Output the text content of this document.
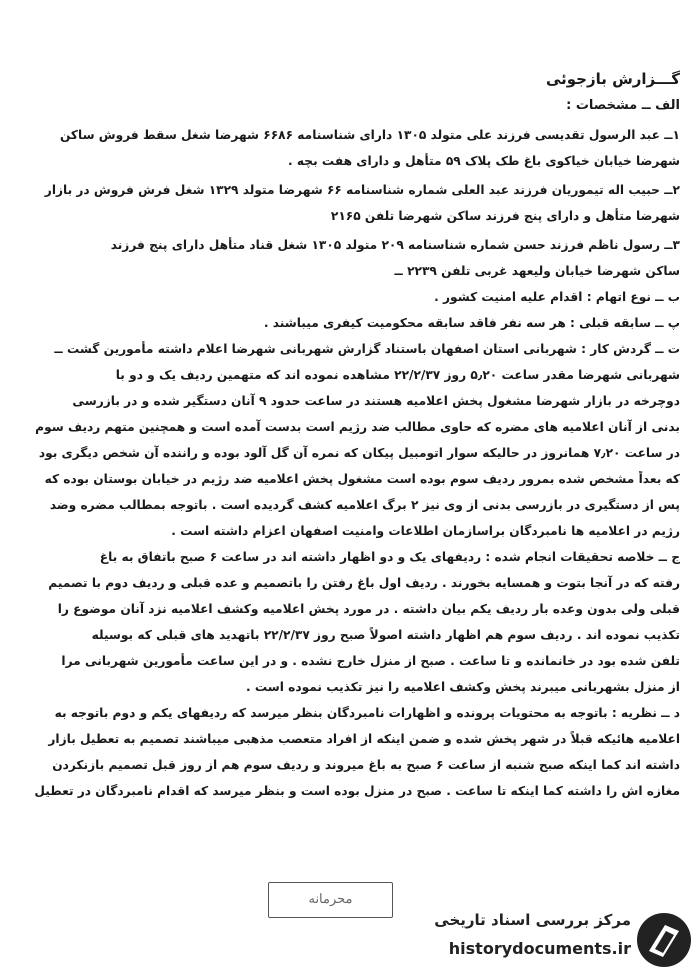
گـــزارش بازجوئی
الف ــ مشخصات :
۱ــ عبد الرسول تقدیسی فرزند علی متولد ۱۳۰۵ دارای شناسنامه ۶۶۸۶ شهرضا شغل سقط فروش ساکن
شهرضا خیابان خیاکوی باغ طک پلاک ۵۹ متأهل و دارای هفت بچه .
۲ــ حبیب اله تیموریان فرزند عبد العلی شماره شناسنامه ۶۶ شهرضا متولد ۱۳۲۹ شغل فرش فروش در بازار
شهرضا متأهل و دارای پنج فرزند ساکن شهرضا تلفن ۲۱۶۵
۳ــ رسول ناظم فرزند حسن شماره شناسنامه ۲۰۹ متولد ۱۳۰۵ شغل قناد متأهل دارای پنج فرزند
ساکن شهرضا خیابان ولیعهد غربی تلفن ۲۲۳۹ ــ
ب ــ نوع اتهام : اقدام علیه امنیت کشور .
پ ــ سابقه قبلی : هر سه نفر فاقد سابقه محکومیت کیفری میباشند .
ت ــ گردش کار : شهربانی استان اصفهان باستناد گزارش شهربانی شهرضا اعلام داشته مأمورین گشت ــ
شهربانی شهرضا مقدر ساعت ۵٫۲۰ روز ۲۲/۲/۳۷ مشاهده نموده اند که متهمین ردیف یک و دو با
دوچرخه در بازار شهرضا مشغول پخش اعلامیه هستند در ساعت حدود ۹ آنان دستگیر شده و در بازرسی
بدنی از آنان اعلامیه های مضره که حاوی مطالب ضد رژیم است بدست آمده است و همچنین متهم ردیف سوم
در ساعت ۷٫۲۰ همانروز در حالیکه سوار اتومبیل پیکان که نمره آن گل آلود بوده و راننده آن شخص دیگری بود
که بعداً مشخص شده بمرور ردیف سوم بوده است مشغول پخش اعلامیه ضد رژیم در خیابان بوستان بوده که
پس از دستگیری در بازرسی بدنی از وی نیز ۲ برگ اعلامیه کشف گردیده است . باتوجه بمطالب مضره وضد
رژیم در اعلامیه ها نامبردگان براسازمان اطلاعات وامنیت اصفهان اعزام داشته است .
ج ــ خلاصه تحقیقات انجام شده : ردیفهای یک و دو اظهار داشته اند در ساعت ۶ صبح باتفاق به باغ
رفته که در آنجا بتوت و همسایه بخورند . ردیف اول باغ رفتن را باتصمیم و عده قبلی و ردیف دوم با تصمیم
قبلی ولی بدون وعده بار ردیف یکم بیان داشته . در مورد پخش اعلامیه وکشف اعلامیه نزد آنان موضوع را
تکذیب نموده اند . ردیف سوم هم اظهار داشته اصولاً صبح روز ۲۲/۲/۳۷ باتهدید های قبلی که بوسیله
تلفن شده بود در خانمانده و تا ساعت . صبح از منزل خارج نشده . و در این ساعت مأمورین شهربانی مرا
از منزل بشهربانی میبرند پخش وکشف اعلامیه را نیز تکذیب نموده است .
د ــ نظریه : باتوجه به محتویات پرونده و اظهارات نامبردگان بنظر میرسد که ردیفهای یکم و دوم باتوجه به
اعلامیه هائیکه قبلاً در شهر پخش شده و ضمن اینکه از افراد متعصب مذهبی میباشند تصمیم به تعطیل بازار
داشته اند کما اینکه صبح شنبه از ساعت ۶ صبح به باغ میروند و ردیف سوم هم از روز قبل تصمیم بازنکردن
مغازه اش را داشته کما اینکه تا ساعت . صبح در منزل بوده است و بنظر میرسد که اقدام نامبردگان در تعطیل
محرمانه
مرکز بررسی اسناد تاریخی
historydocuments.ir
